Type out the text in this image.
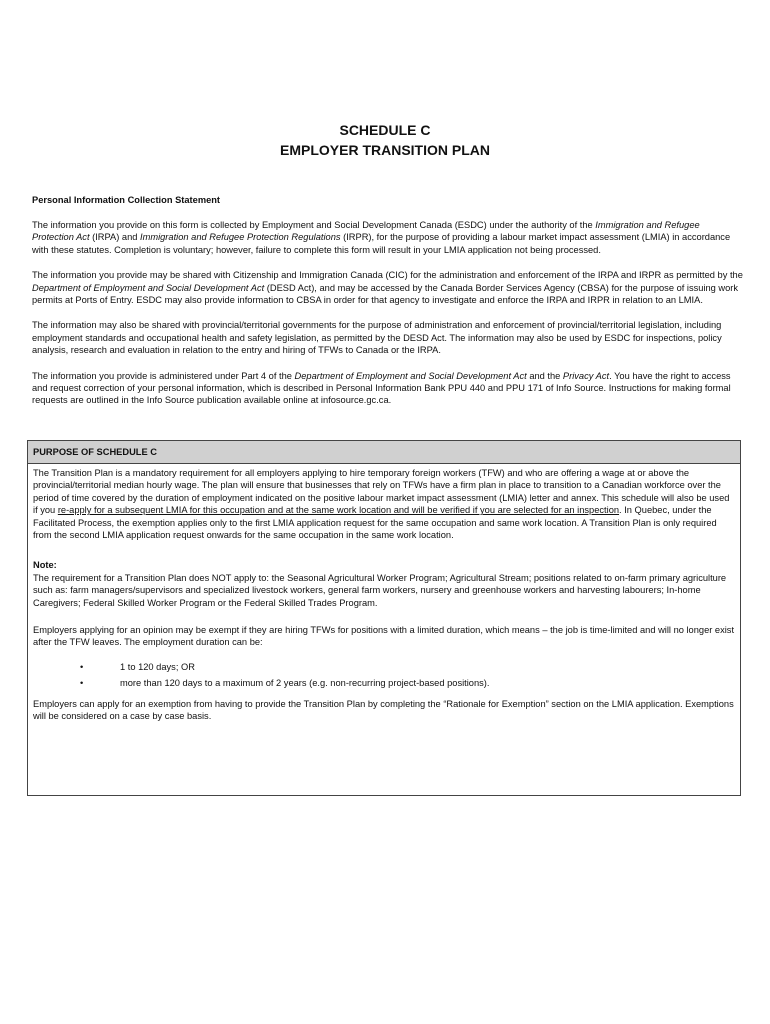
SCHEDULE C
EMPLOYER TRANSITION PLAN
Personal Information Collection Statement

The information you provide on this form is collected by Employment and Social Development Canada (ESDC) under the authority of the Immigration and Refugee Protection Act (IRPA) and Immigration and Refugee Protection Regulations (IRPR), for the purpose of providing a labour market impact assessment (LMIA) in accordance with these statutes. Completion is voluntary; however, failure to complete this form will result in your LMIA application not being processed.

The information you provide may be shared with Citizenship and Immigration Canada (CIC) for the administration and enforcement of the IRPA and IRPR as permitted by the Department of Employment and Social Development Act (DESD Act), and may be accessed by the Canada Border Services Agency (CBSA) for the purpose of issuing work permits at Ports of Entry. ESDC may also provide information to CBSA in order for that agency to investigate and enforce the IRPA and IRPR in relation to an LMIA.

The information may also be shared with provincial/territorial governments for the purpose of administration and enforcement of provincial/territorial legislation, including employment standards and occupational health and safety legislation, as permitted by the DESD Act. The information may also be used by ESDC for inspections, policy analysis, research and evaluation in relation to the entry and hiring of TFWs to Canada or the IRPA.

The information you provide is administered under Part 4 of the Department of Employment and Social Development Act and the Privacy Act. You have the right to access and request correction of your personal information, which is described in Personal Information Bank PPU 440 and PPU 171 of Info Source. Instructions for making formal requests are outlined in the Info Source publication available online at infosource.gc.ca.

PURPOSE OF SCHEDULE C

The Transition Plan is a mandatory requirement for all employers applying to hire temporary foreign workers (TFW) and who are offering a wage at or above the provincial/territorial median hourly wage. The plan will ensure that businesses that rely on TFWs have a firm plan in place to transition to a Canadian workforce over the period of time covered by the duration of employment indicated on the positive labour market impact assessment (LMIA) letter and annex. This schedule will also be used if you re-apply for a subsequent LMIA for this occupation and at the same work location and will be verified if you are selected for an inspection. In Quebec, under the Facilitated Process, the exemption applies only to the first LMIA application request for the same occupation and same work location. A Transition Plan is only required from the second LMIA application request onwards for the same occupation in the same work location.

Note:

The requirement for a Transition Plan does NOT apply to: the Seasonal Agricultural Worker Program; Agricultural Stream; positions related to on-farm primary agriculture such as: farm managers/supervisors and specialized livestock workers, general farm workers, nursery and greenhouse workers and harvesting labourers; In-home Caregivers; Federal Skilled Worker Program or the Federal Skilled Trades Program.

Employers applying for an opinion may be exempt if they are hiring TFWs for positions with a limited duration, which means – the job is time-limited and will no longer exist after the TFW leaves. The employment duration can be:

•	1 to 120 days; OR
•	more than 120 days to a maximum of 2 years (e.g. non-recurring project-based positions).

Employers can apply for an exemption from having to provide the Transition Plan by completing the “Rationale for Exemption” section on the LMIA application. Exemptions will be considered on a case by case basis.
